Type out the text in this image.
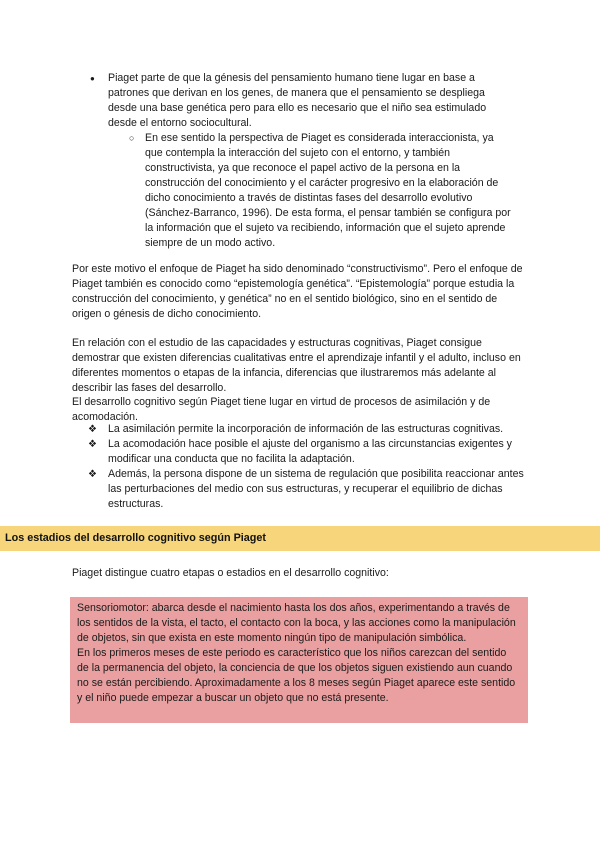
● Piaget parte de que la génesis del pensamiento humano tiene lugar en base a patrones que derivan en los genes, de manera que el pensamiento se despliega desde una base genética pero para ello es necesario que el niño sea estimulado desde el entorno sociocultural.
○ En ese sentido la perspectiva de Piaget es considerada interaccionista, ya que contempla la interacción del sujeto con el entorno, y también constructivista, ya que reconoce el papel activo de la persona en la construcción del conocimiento y el carácter progresivo en la elaboración de dicho conocimiento a través de distintas fases del desarrollo evolutivo (Sánchez-Barranco, 1996). De esta forma, el pensar también se configura por la información que el sujeto va recibiendo, información que el sujeto aprende siempre de un modo activo.

Por este motivo el enfoque de Piaget ha sido denominado “constructivismo”. Pero el enfoque de Piaget también es conocido como “epistemología genética”. “Epistemología” porque estudia la construcción del conocimiento, y genética” no en el sentido biológico, sino en el sentido de origen o génesis de dicho conocimiento.

En relación con el estudio de las capacidades y estructuras cognitivas, Piaget consigue demostrar que existen diferencias cualitativas entre el aprendizaje infantil y el adulto, incluso en diferentes momentos o etapas de la infancia, diferencias que ilustraremos más adelante al describir las fases del desarrollo.

El desarrollo cognitivo según Piaget tiene lugar en virtud de procesos de asimilación y de acomodación.

❖ La asimilación permite la incorporación de información de las estructuras cognitivas.
❖ La acomodación hace posible el ajuste del organismo a las circunstancias exigentes y modificar una conducta que no facilita la adaptación.
❖ Además, la persona dispone de un sistema de regulación que posibilita reaccionar antes las perturbaciones del medio con sus estructuras, y recuperar el equilibrio de dichas estructuras.
Los estadios del desarrollo cognitivo según Piaget

Piaget distingue cuatro etapas o estadios en el desarrollo cognitivo:

Sensoriomotor: abarca desde el nacimiento hasta los dos años, experimentando a través de los sentidos de la vista, el tacto, el contacto con la boca, y las acciones como la manipulación de objetos, sin que exista en este momento ningún tipo de manipulación simbólica.

En los primeros meses de este periodo es característico que los niños carezcan del sentido de la permanencia del objeto, la conciencia de que los objetos siguen existiendo aun cuando no se están percibiendo. Aproximadamente a los 8 meses según Piaget aparece este sentido y el niño puede empezar a buscar un objeto que no está presente.
